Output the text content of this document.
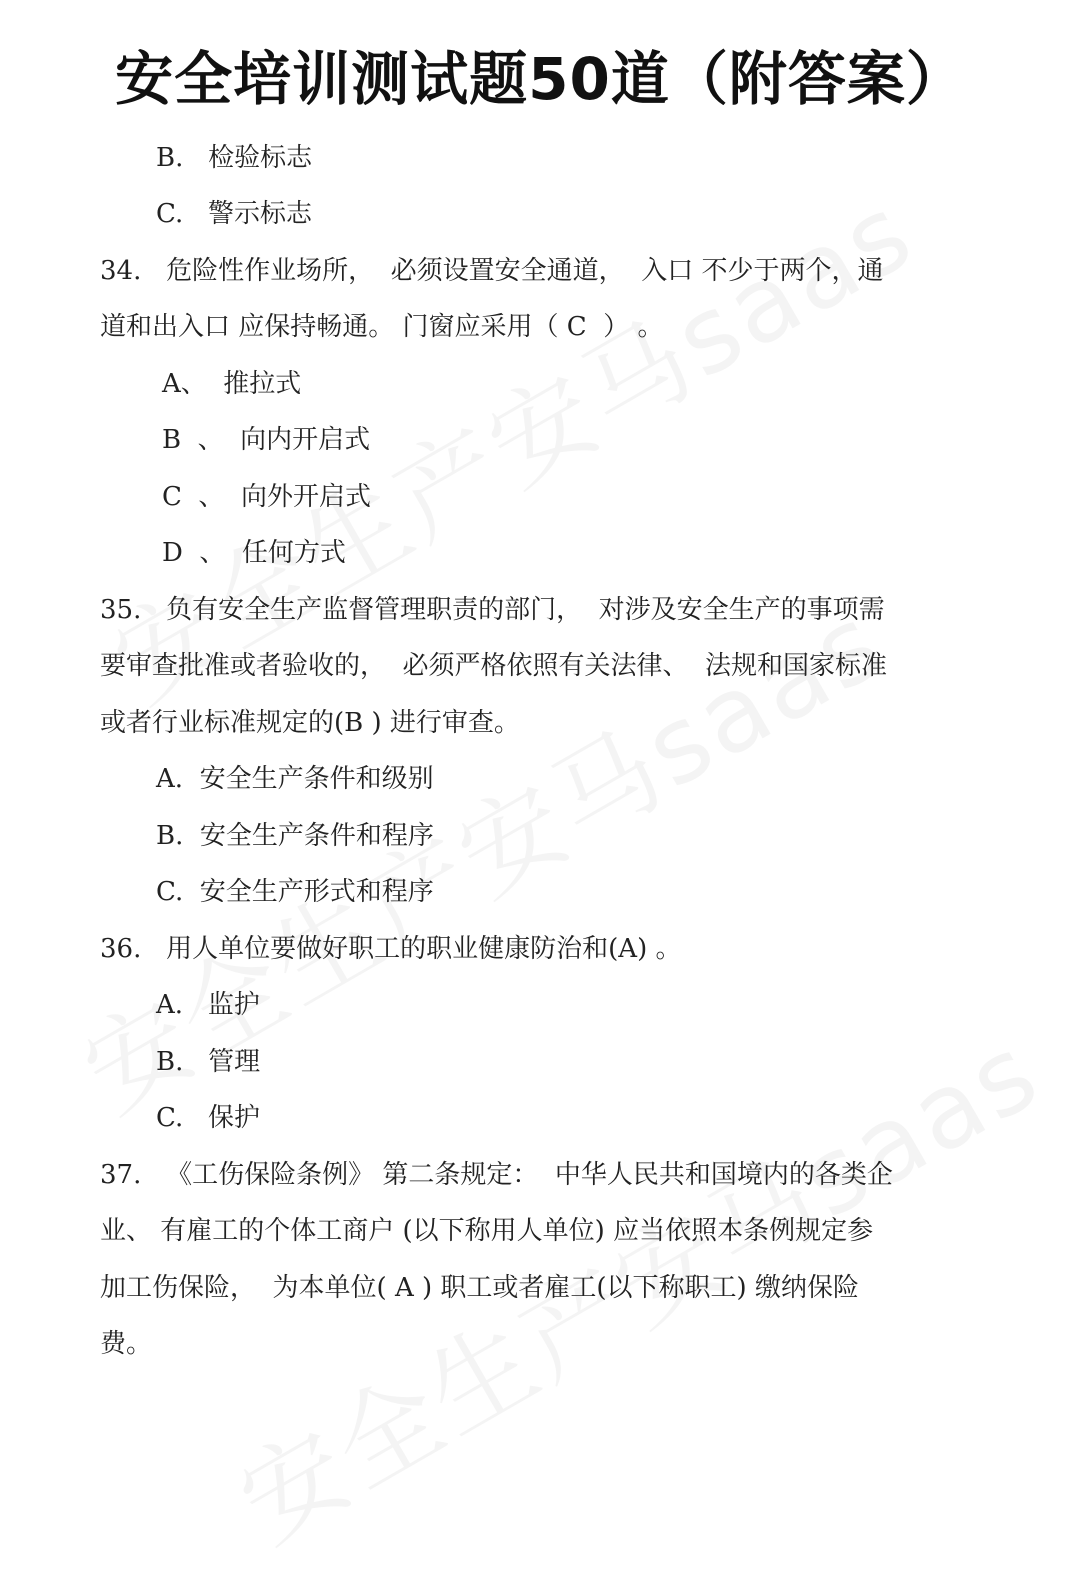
安全培训测试题50道（附答案）
B.   检验标志
C.   警示标志
34.   危险性作业场所，  必须设置安全通道，  入口 不少于两个，通
道和出入口 应保持畅通。 门窗应采用（ C  ） 。
A、  推拉式
B  、  向内开启式
C  、  向外开启式
D  、  任何方式
35.   负有安全生产监督管理职责的部门，  对涉及安全生产的事项需
要审查批准或者验收的，  必须严格依照有关法律、  法规和国家标准
或者行业标准规定的(B ) 进行审查。
A.  安全生产条件和级别
B.  安全生产条件和程序
C.  安全生产形式和程序
36.   用人单位要做好职工的职业健康防治和(A) 。
A.   监护
B.   管理
C.   保护
37.   《工伤保险条例》 第二条规定：  中华人民共和国境内的各类企
业、 有雇工的个体工商户 (以下称用人单位) 应当依照本条例规定参
加工伤保险，  为本单位( A ) 职工或者雇工(以下称职工) 缴纳保险
费。
